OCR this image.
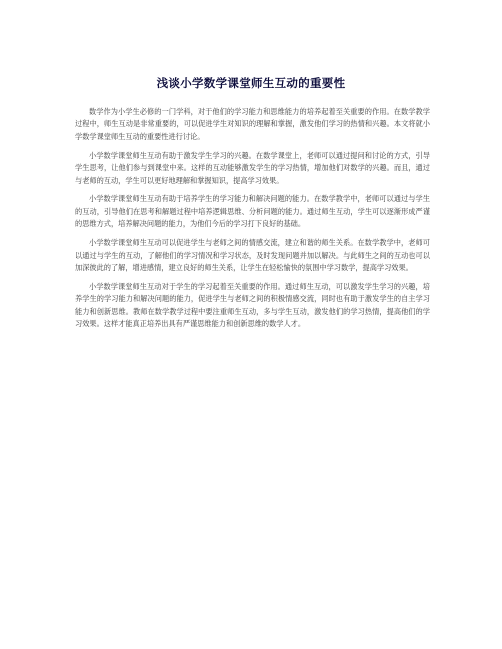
浅谈小学数学课堂师生互动的重要性

数学作为小学生必修的一门学科，对于他们的学习能力和思维能力的培养起着至关重要的作用。在数学教学过程中，师生互动是非常重要的，可以促进学生对知识的理解和掌握，激发他们学习的热情和兴趣。本文将就小学数学课堂师生互动的重要性进行讨论。

小学数学课堂师生互动有助于激发学生学习的兴趣。在数学课堂上，老师可以通过提问和讨论的方式，引导学生思考，让他们参与到课堂中来。这样的互动能够激发学生的学习热情，增加他们对数学的兴趣。而且，通过与老师的互动，学生可以更好地理解和掌握知识，提高学习效果。

小学数学课堂师生互动有助于培养学生的学习能力和解决问题的能力。在数学教学中，老师可以通过与学生的互动，引导他们在思考和解题过程中培养逻辑思维、分析问题的能力。通过师生互动，学生可以逐渐形成严谨的思维方式，培养解决问题的能力，为他们今后的学习打下良好的基础。

小学数学课堂师生互动可以促进学生与老师之间的情感交流，建立和谐的师生关系。在数学教学中，老师可以通过与学生的互动，了解他们的学习情况和学习状态，及时发现问题并加以解决。与此师生之间的互动也可以加深彼此的了解，增进感情，建立良好的师生关系，让学生在轻松愉快的氛围中学习数学，提高学习效果。

小学数学课堂师生互动对于学生的学习起着至关重要的作用。通过师生互动，可以激发学生学习的兴趣，培养学生的学习能力和解决问题的能力，促进学生与老师之间的积极情感交流，同时也有助于激发学生的自主学习能力和创新思维。教师在数学教学过程中要注重师生互动，多与学生互动，激发他们的学习热情，提高他们的学习效果。这样才能真正培养出具有严谨思维能力和创新思维的数学人才。
